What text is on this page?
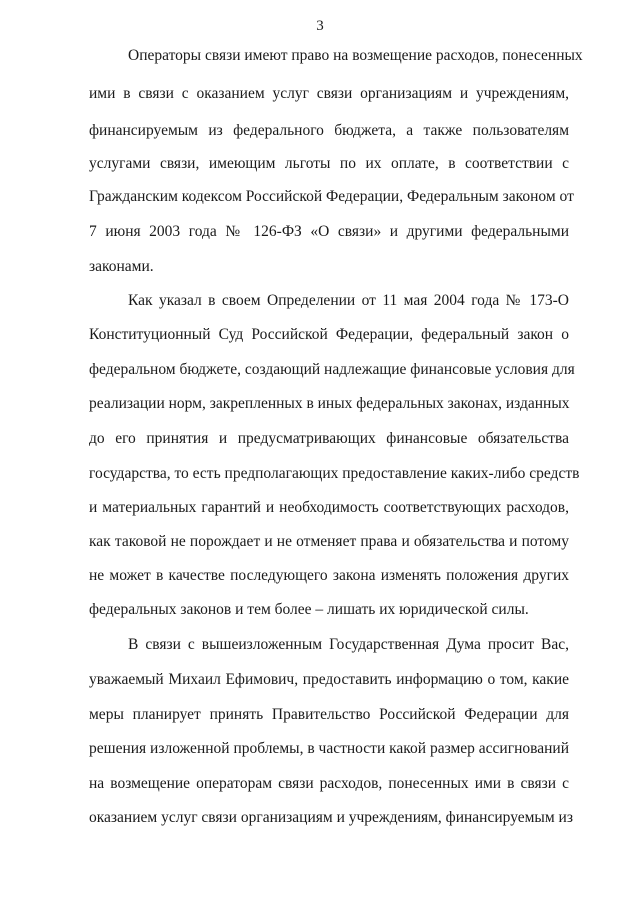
3
Операторы связи имеют право на возмещение расходов, понесенных
ими в связи с оказанием услуг связи организациям и учреждениям,
финансируемым из федерального бюджета, а также пользователям
услугами связи, имеющим льготы по их оплате, в соответствии с
Гражданским кодексом Российской Федерации, Федеральным законом от
7 июня 2003 года № 126-ФЗ «О связи» и другими федеральными
законами.
Как указал в своем Определении от 11 мая 2004 года № 173-О
Конституционный Суд Российской Федерации, федеральный закон о
федеральном бюджете, создающий надлежащие финансовые условия для
реализации норм, закрепленных в иных федеральных законах, изданных
до его принятия и предусматривающих финансовые обязательства
государства, то есть предполагающих предоставление каких-либо средств
и материальных гарантий и необходимость соответствующих расходов,
как таковой не порождает и не отменяет права и обязательства и потому
не может в качестве последующего закона изменять положения других
федеральных законов и тем более – лишать их юридической силы.
В связи с вышеизложенным Государственная Дума просит Вас,
уважаемый Михаил Ефимович, предоставить информацию о том, какие
меры планирует принять Правительство Российской Федерации для
решения изложенной проблемы, в частности какой размер ассигнований
на возмещение операторам связи расходов, понесенных ими в связи с
оказанием услуг связи организациям и учреждениям, финансируемым из
